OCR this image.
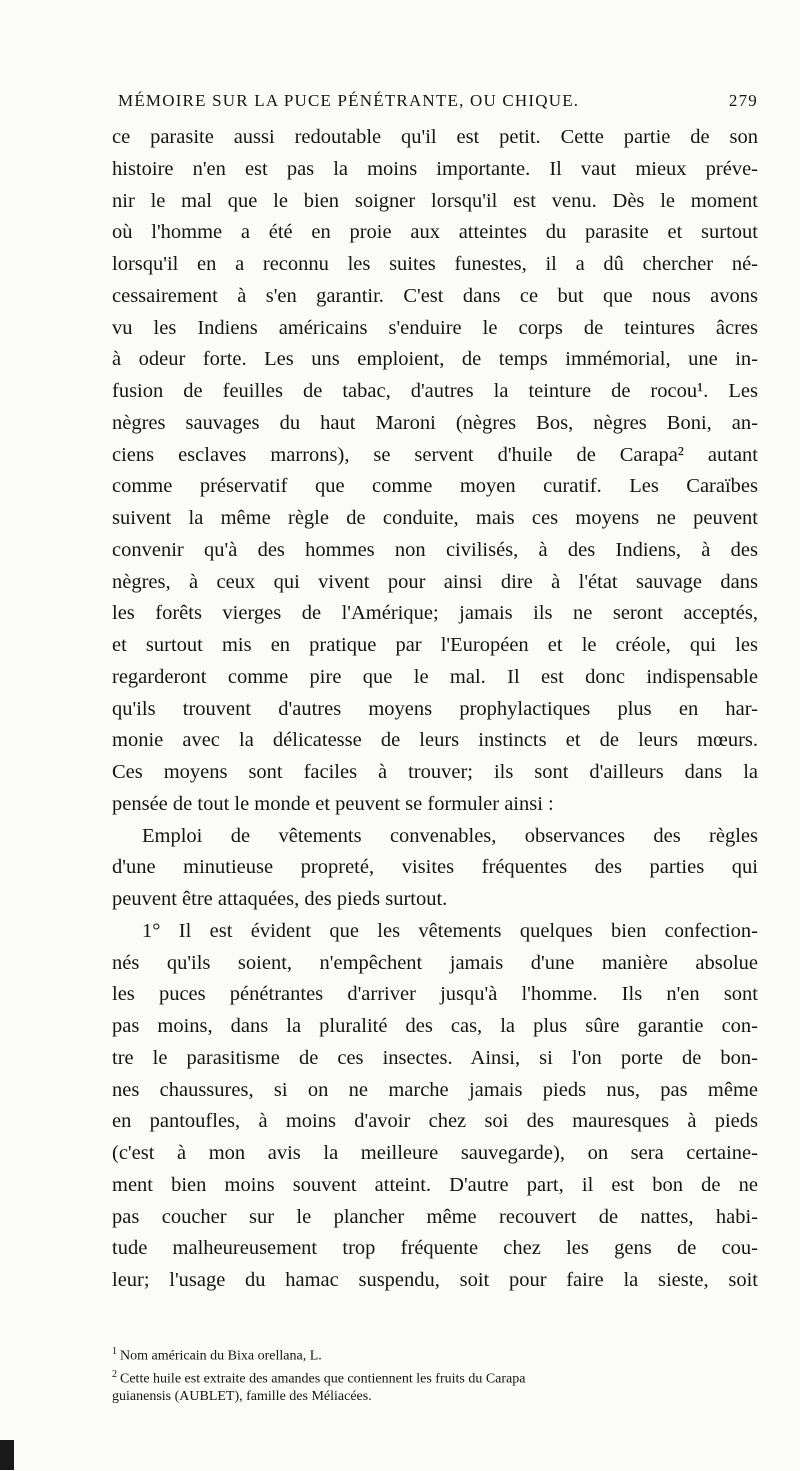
MÉMOIRE SUR LA PUCE PÉNÉTRANTE, OU CHIQUE.	279
ce parasite aussi redoutable qu'il est petit. Cette partie de son
histoire n'en est pas la moins importante. Il vaut mieux préve-
nir le mal que le bien soigner lorsqu'il est venu. Dès le moment
où l'homme a été en proie aux atteintes du parasite et surtout
lorsqu'il en a reconnu les suites funestes, il a dû chercher né-
cessairement à s'en garantir. C'est dans ce but que nous avons
vu les Indiens américains s'enduire le corps de teintures âcres
à odeur forte. Les uns emploient, de temps immémorial, une in-
fusion de feuilles de tabac, d'autres la teinture de rocou¹. Les
nègres sauvages du haut Maroni (nègres Bos, nègres Boni, an-
ciens esclaves marrons), se servent d'huile de Carapa² autant
comme préservatif que comme moyen curatif. Les Caraïbes
suivent la même règle de conduite, mais ces moyens ne peuvent
convenir qu'à des hommes non civilisés, à des Indiens, à des
nègres, à ceux qui vivent pour ainsi dire à l'état sauvage dans
les forêts vierges de l'Amérique; jamais ils ne seront acceptés,
et surtout mis en pratique par l'Européen et le créole, qui les
regarderont comme pire que le mal. Il est donc indispensable
qu'ils trouvent d'autres moyens prophylactiques plus en har-
monie avec la délicatesse de leurs instincts et de leurs mœurs.
Ces moyens sont faciles à trouver; ils sont d'ailleurs dans la
pensée de tout le monde et peuvent se formuler ainsi :
Emploi de vêtements convenables, observances des règles
d'une minutieuse propreté, visites fréquentes des parties qui
peuvent être attaquées, des pieds surtout.
1° Il est évident que les vêtements quelques bien confection-
nés qu'ils soient, n'empêchent jamais d'une manière absolue
les puces pénétrantes d'arriver jusqu'à l'homme. Ils n'en sont
pas moins, dans la pluralité des cas, la plus sûre garantie con-
tre le parasitisme de ces insectes. Ainsi, si l'on porte de bon-
nes chaussures, si on ne marche jamais pieds nus, pas même
en pantoufles, à moins d'avoir chez soi des mauresques à pieds
(c'est à mon avis la meilleure sauvegarde), on sera certaine-
ment bien moins souvent atteint. D'autre part, il est bon de ne
pas coucher sur le plancher même recouvert de nattes, habi-
tude malheureusement trop fréquente chez les gens de cou-
leur; l'usage du hamac suspendu, soit pour faire la sieste, soit
$^1$ Nom américain du Bixa orellana, L.
$^2$ Cette huile est extraite des amandes que contiennent les fruits du Carapa
guianensis (AUBLET), famille des Méliacées.
